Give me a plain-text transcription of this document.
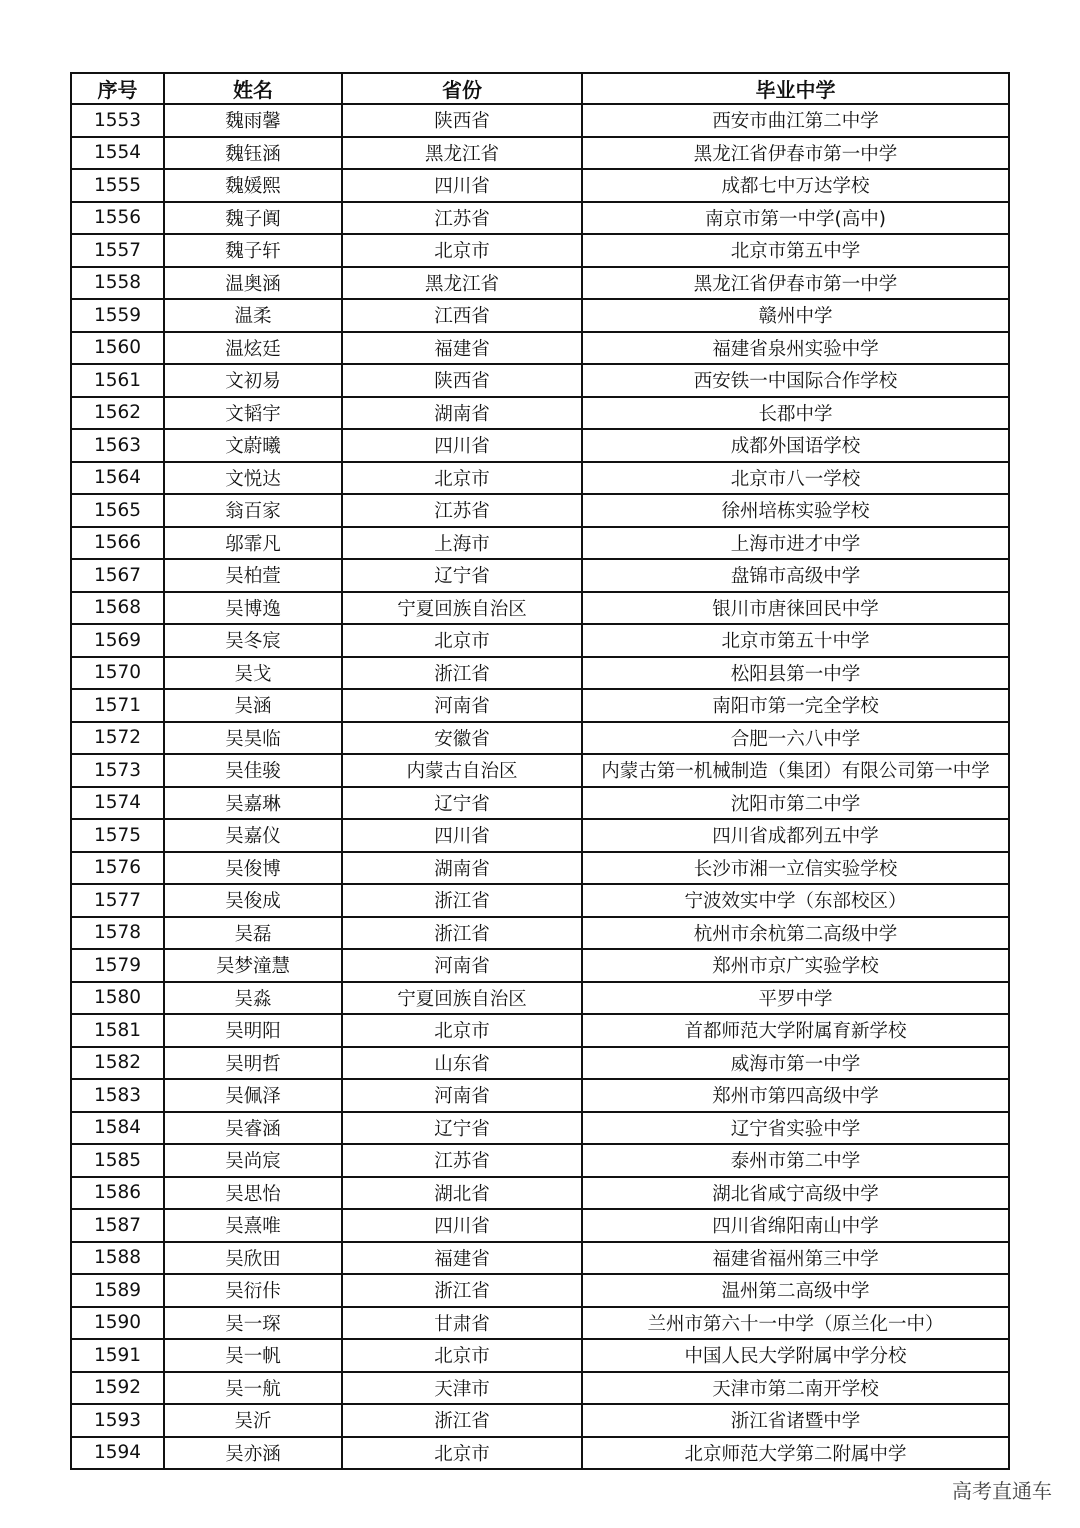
序号	姓名	省份	毕业中学
1553	魏雨馨	陕西省	西安市曲江第二中学
1554	魏钰涵	黑龙江省	黑龙江省伊春市第一中学
1555	魏媛熙	四川省	成都七中万达学校
1556	魏子阗	江苏省	南京市第一中学(高中)
1557	魏子轩	北京市	北京市第五中学
1558	温奥涵	黑龙江省	黑龙江省伊春市第一中学
1559	温柔	江西省	赣州中学
1560	温炫廷	福建省	福建省泉州实验中学
1561	文初易	陕西省	西安铁一中国际合作学校
1562	文韬宇	湖南省	长郡中学
1563	文蔚曦	四川省	成都外国语学校
1564	文悦达	北京市	北京市八一学校
1565	翁百家	江苏省	徐州培栋实验学校
1566	邬霏凡	上海市	上海市进才中学
1567	吴柏萱	辽宁省	盘锦市高级中学
1568	吴博逸	宁夏回族自治区	银川市唐徕回民中学
1569	吴冬宸	北京市	北京市第五十中学
1570	吴戈	浙江省	松阳县第一中学
1571	吴涵	河南省	南阳市第一完全学校
1572	吴昊临	安徽省	合肥一六八中学
1573	吴佳骏	内蒙古自治区	内蒙古第一机械制造（集团）有限公司第一中学
1574	吴嘉琳	辽宁省	沈阳市第二中学
1575	吴嘉仪	四川省	四川省成都列五中学
1576	吴俊博	湖南省	长沙市湘一立信实验学校
1577	吴俊成	浙江省	宁波效实中学（东部校区）
1578	吴磊	浙江省	杭州市余杭第二高级中学
1579	吴梦潼慧	河南省	郑州市京广实验学校
1580	吴淼	宁夏回族自治区	平罗中学
1581	吴明阳	北京市	首都师范大学附属育新学校
1582	吴明哲	山东省	威海市第一中学
1583	吴佩泽	河南省	郑州市第四高级中学
1584	吴睿涵	辽宁省	辽宁省实验中学
1585	吴尚宸	江苏省	泰州市第二中学
1586	吴思怡	湖北省	湖北省咸宁高级中学
1587	吴熹唯	四川省	四川省绵阳南山中学
1588	吴欣田	福建省	福建省福州第三中学
1589	吴衍佧	浙江省	温州第二高级中学
1590	吴一琛	甘肃省	兰州市第六十一中学（原兰化一中）
1591	吴一帆	北京市	中国人民大学附属中学分校
1592	吴一航	天津市	天津市第二南开学校
1593	吴沂	浙江省	浙江省诸暨中学
1594	吴亦涵	北京市	北京师范大学第二附属中学
高考直通车
